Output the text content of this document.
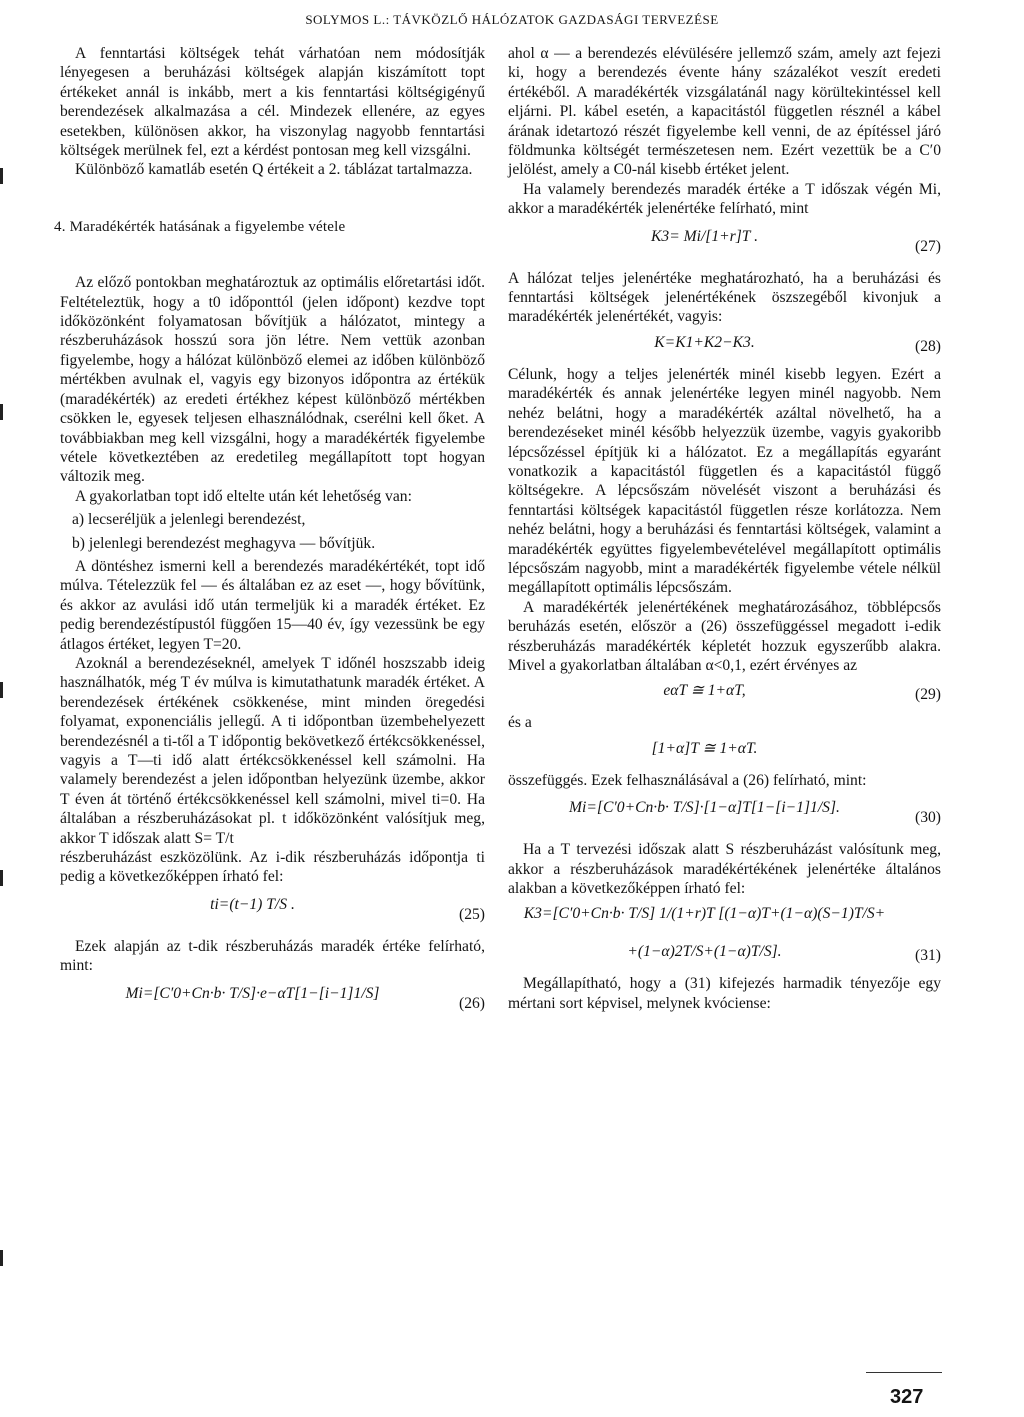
SOLYMOS L.: TÁVKÖZLŐ HÁLÓZATOK GAZDASÁGI TERVEZÉSE

A fenntartási költségek tehát várhatóan nem módosítják lényegesen a beruházási költségek alapján kiszámított topt értékeket annál is inkább, mert a kis fenntartási költségigényű berendezések alkalmazása a cél. Mindezek ellenére, az egyes esetekben, különösen akkor, ha viszonylag nagyobb fenntartási költségek merülnek fel, ezt a kérdést pontosan meg kell vizsgálni.

Különböző kamatláb esetén Q értékeit a 2. táblázat tartalmazza.

4. Maradékérték hatásának a figyelembe vétele

Az előző pontokban meghatároztuk az optimális előretartási időt. Feltételeztük, hogy a t0 időponttól (jelen időpont) kezdve topt időközönként folyamatosan bővítjük a hálózatot, mintegy a részberuházások hosszú sora jön létre. Nem vettük azonban figyelembe, hogy a hálózat különböző elemei az időben különböző mértékben avulnak el, vagyis egy bizonyos időpontra az értékük (maradékérték) az eredeti értékhez képest különböző mértékben csökken le, egyesek teljesen elhasználódnak, cserélni kell őket. A továbbiakban meg kell vizsgálni, hogy a maradékérték figyelembe vétele következtében az eredetileg megállapított topt hogyan változik meg.

A gyakorlatban topt idő eltelte után két lehetőség van:

a) lecseréljük a jelenlegi berendezést,

b) jelenlegi berendezést meghagyva — bővítjük.

A döntéshez ismerni kell a berendezés maradékértékét, topt idő múlva. Tételezzük fel — és általában ez az eset —, hogy bővítünk, és akkor az avulási idő után termeljük ki a maradék értéket. Ez pedig berendezéstípustól függően 15—40 év, így vezessünk be egy átlagos értéket, legyen T=20.

Azoknál a berendezéseknél, amelyek T időnél hoszszabb ideig használhatók, még T év múlva is kimutathatunk maradék értéket. A berendezések értékének csökkenése, mint minden öregedési folyamat, exponenciális jellegű. A ti időpontban üzembehelyezett berendezésnél a ti-től a T időpontig bekövetkező értékcsökkenéssel, vagyis a T—ti idő alatt értékcsökkenéssel kell számolni. Ha valamely berendezést a jelen időpontban helyezünk üzembe, akkor T éven át történő értékcsökkenéssel kell számolni, mivel ti=0. Ha általában a részberuházásokat pl. t időközönként valósítjuk meg, akkor T időszak alatt S= T/t

részberuházást eszközölünk. Az i-dik részberuházás időpontja ti pedig a következőképpen írható fel:

ti=(t−1) T/S .
(25)

Ezek alapján az t-dik részberuházás maradék értéke felírható, mint:

Mi=[C′0+Cn·b· T/S]·e−αT[1−[i−1]1/S]
(26)

ahol α — a berendezés elévülésére jellemző szám, amely azt fejezi ki, hogy a berendezés évente hány százalékot veszít eredeti értékéből. A maradékérték vizsgálatánál nagy körültekintéssel kell eljárni. Pl. kábel esetén, a kapacitástól független résznél a kábel árának idetartozó részét figyelembe kell venni, de az építéssel járó földmunka költségét természetesen nem. Ezért vezettük be a C′0 jelölést, amely a C0-nál kisebb értéket jelent.

Ha valamely berendezés maradék értéke a T időszak végén Mi, akkor a maradékérték jelenértéke felírható, mint

K3= Mi/[1+r]T .
(27)

A hálózat teljes jelenértéke meghatározható, ha a beruházási és fenntartási költségek jelenértékének öszszegéből kivonjuk a maradékérték jelenértékét, vagyis:

K=K1+K2−K3.	(28)

Célunk, hogy a teljes jelenérték minél kisebb legyen. Ezért a maradékérték és annak jelenértéke legyen minél nagyobb. Nem nehéz belátni, hogy a maradékérték azáltal növelhető, ha a berendezéseket minél később helyezzük üzembe, vagyis gyakoribb lépcsőzéssel építjük ki a hálózatot. Ez a megállapítás egyaránt vonatkozik a kapacitástól független és a kapacitástól függő költségekre. A lépcsőszám növelését viszont a beruházási és fenntartási költségek kapacitástól független része korlátozza. Nem nehéz belátni, hogy a beruházási és fenntartási költségek, valamint a maradékérték együttes figyelembevételével megállapított optimális lépcsőszám nagyobb, mint a maradékérték figyelembe vétele nélkül megállapított optimális lépcsőszám.

A maradékérték jelenértékének meghatározásához, többlépcsős beruházás esetén, először a (26) összefüggéssel megadott i-edik részberuházás maradékérték képletét hozzuk egyszerűbb alakra. Mivel a gyakorlatban általában α<0,1, ezért érvényes az

eαT ≅ 1+αT,	(29)

és a

[1+α]T ≅ 1+αT.

összefüggés. Ezek felhasználásával a (26) felírható, mint:

Mi=[C′0+Cn·b· T/S]·[1−α]T[1−[i−1]1/S].
(30)

Ha a T tervezési időszak alatt S részberuházást valósítunk meg, akkor a részberuházások maradékértékének jelenértéke általános alakban a következőképpen írható fel:

K3=[C′0+Cn·b· T/S] 1/(1+r)T [(1−α)T+(1−α)(S−1)T/S+
+(1−α)2T/S+(1−α)T/S].	(31)

Megállapítható, hogy a (31) kifejezés harmadik tényezője egy mértani sort képvisel, melynek kvóciense:

327
